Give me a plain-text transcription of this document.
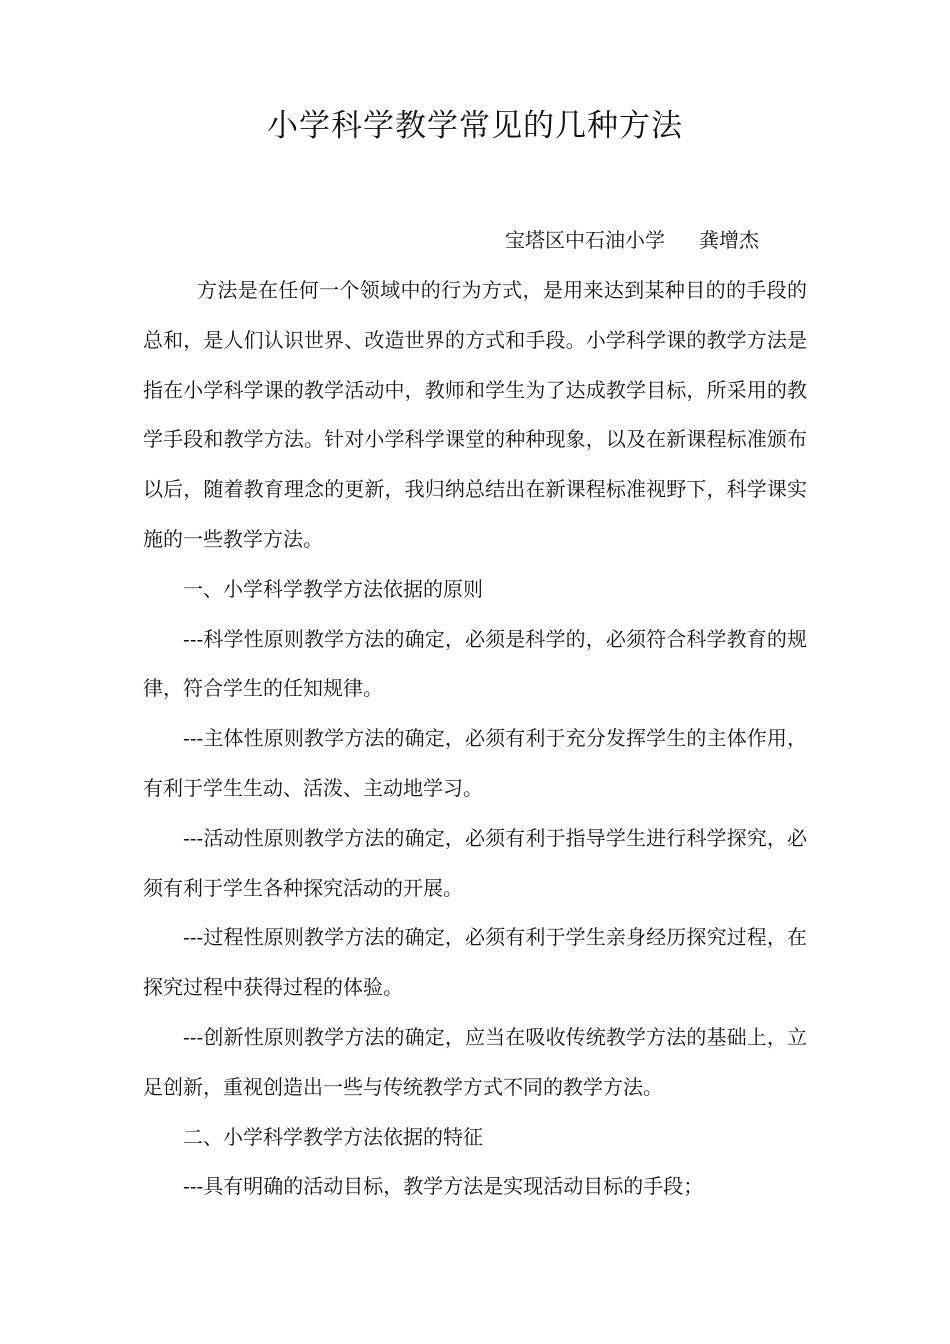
小学科学教学常见的几种方法
宝塔区中石油小学 龚增杰

方法是在任何一个领域中的行为方式，是用来达到某种目的的手段的总和，是人们认识世界、改造世界的方式和手段。小学科学课的教学方法是指在小学科学课的教学活动中，教师和学生为了达成教学目标，所采用的教学手段和教学方法。针对小学科学课堂的种种现象，以及在新课程标准颁布以后，随着教育理念的更新，我归纳总结出在新课程标准视野下，科学课实施的一些教学方法。

一、小学科学教学方法依据的原则

---科学性原则教学方法的确定，必须是科学的，必须符合科学教育的规律，符合学生的任知规律。

---主体性原则教学方法的确定，必须有利于充分发挥学生的主体作用，有利于学生生动、活泼、主动地学习。

---活动性原则教学方法的确定，必须有利于指导学生进行科学探究，必须有利于学生各种探究活动的开展。

---过程性原则教学方法的确定，必须有利于学生亲身经历探究过程，在探究过程中获得过程的体验。

---创新性原则教学方法的确定，应当在吸收传统教学方法的基础上，立足创新，重视创造出一些与传统教学方式不同的教学方法。

二、小学科学教学方法依据的特征

---具有明确的活动目标，教学方法是实现活动目标的手段；
